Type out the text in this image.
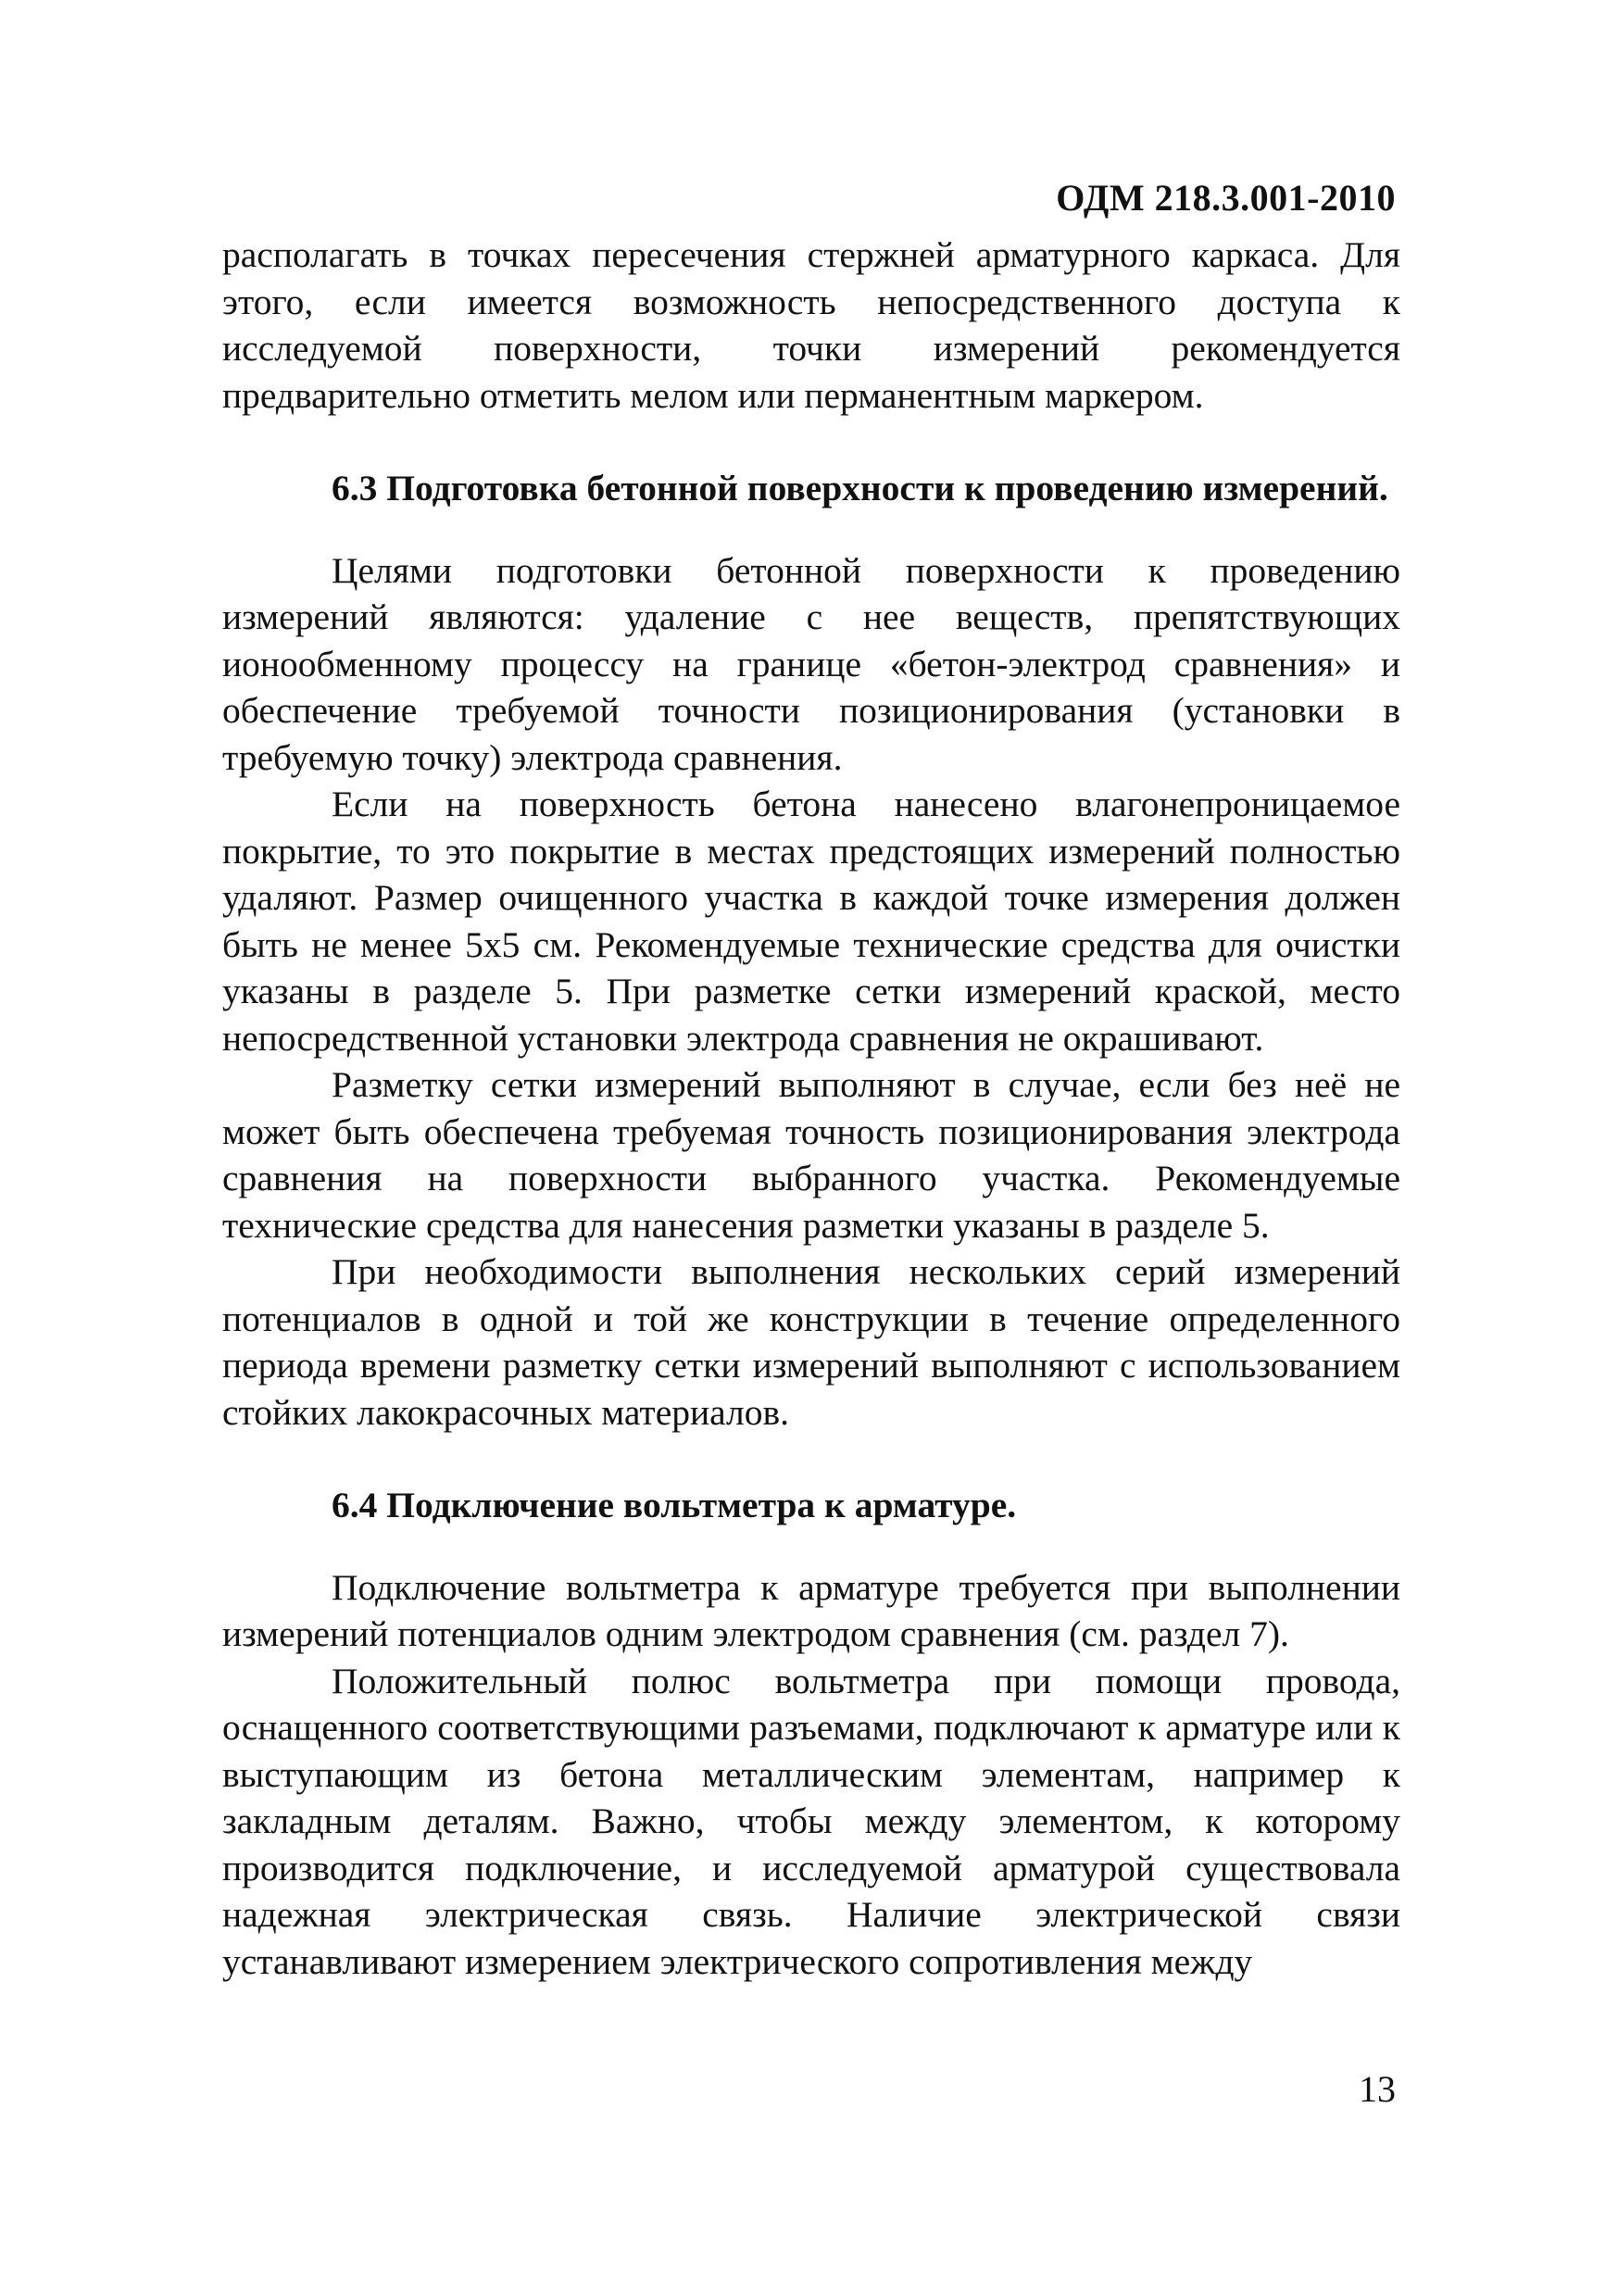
ОДМ 218.3.001-2010

располагать в точках пересечения стержней арматурного каркаса. Для этого, если имеется возможность непосредственного доступа к исследуемой поверхности, точки измерений рекомендуется предварительно отметить мелом или перманентным маркером.

6.3 Подготовка бетонной поверхности к проведению измерений.

Целями подготовки бетонной поверхности к проведению измерений являются: удаление с нее веществ, препятствующих ионообменному процессу на границе «бетон-электрод сравнения» и обеспечение требуемой точности позиционирования (установки в требуемую точку) электрода сравнения.

Если на поверхность бетона нанесено влагонепроницаемое покрытие, то это покрытие в местах предстоящих измерений полностью удаляют. Размер очищенного участка в каждой точке измерения должен быть не менее 5x5 см. Рекомендуемые технические средства для очистки указаны в разделе 5. При разметке сетки измерений краской, место непосредственной установки электрода сравнения не окрашивают.

Разметку сетки измерений выполняют в случае, если без неё не может быть обеспечена требуемая точность позиционирования электрода сравнения на поверхности выбранного участка. Рекомендуемые технические средства для нанесения разметки указаны в разделе 5.

При необходимости выполнения нескольких серий измерений потенциалов в одной и той же конструкции в течение определенного периода времени разметку сетки измерений выполняют с использованием стойких лакокрасочных материалов.

6.4 Подключение вольтметра к арматуре.

Подключение вольтметра к арматуре требуется при выполнении измерений потенциалов одним электродом сравнения (см. раздел 7).

Положительный полюс вольтметра при помощи провода, оснащенного соответствующими разъемами, подключают к арматуре или к выступающим из бетона металлическим элементам, например к закладным деталям. Важно, чтобы между элементом, к которому производится подключение, и исследуемой арматурой существовала надежная электрическая связь. Наличие электрической связи устанавливают измерением электрического сопротивления между

13
